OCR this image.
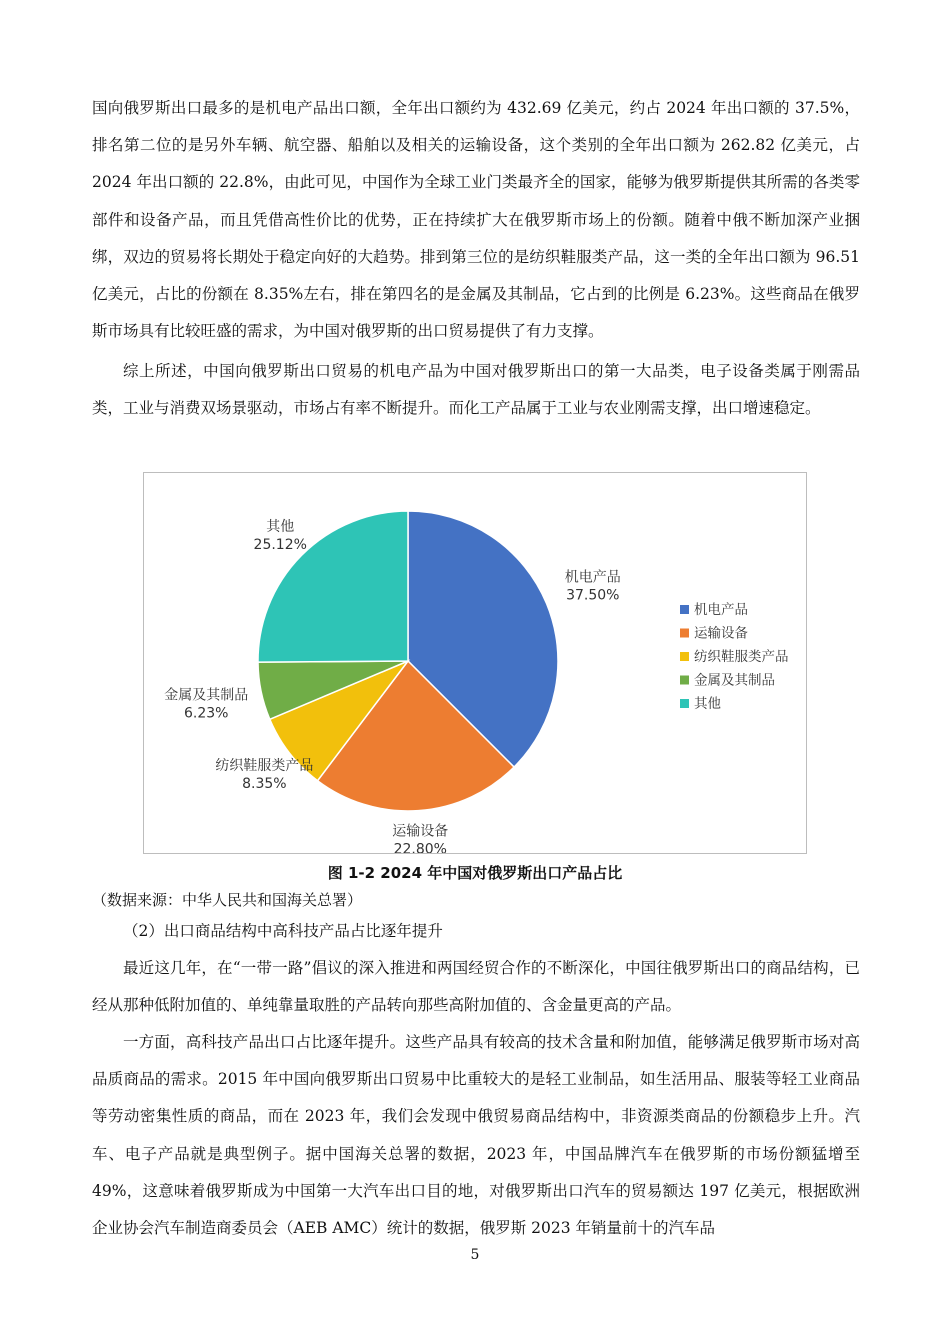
国向俄罗斯出口最多的是机电产品出口额，全年出口额约为 432.69 亿美元，约占 2024 年出口额的 37.5%，排名第二位的是另外车辆、航空器、船舶以及相关的运输设备，这个类别的全年出口额为 262.82 亿美元，占 2024 年出口额的 22.8%，由此可见，中国作为全球工业门类最齐全的国家，能够为俄罗斯提供其所需的各类零部件和设备产品，而且凭借高性价比的优势，正在持续扩大在俄罗斯市场上的份额。随着中俄不断加深产业捆绑，双边的贸易将长期处于稳定向好的大趋势。排到第三位的是纺织鞋服类产品，这一类的全年出口额为 96.51 亿美元，占比的份额在 8.35%左右，排在第四名的是金属及其制品，它占到的比例是 6.23%。这些商品在俄罗斯市场具有比较旺盛的需求，为中国对俄罗斯的出口贸易提供了有力支撑。

综上所述，中国向俄罗斯出口贸易的机电产品为中国对俄罗斯出口的第一大品类，电子设备类属于刚需品类，工业与消费双场景驱动，市场占有率不断提升。而化工产品属于工业与农业刚需支撑，出口增速稳定。

机电产品
37.50%
运输设备
22.80%
纺织鞋服类产品
8.35%
金属及其制品
6.23%
其他
25.12%
机电产品
运输设备
纺织鞋服类产品
金属及其制品
其他
图 1-2 2024 年中国对俄罗斯出口产品占比
（数据来源：中华人民共和国海关总署）
（2）出口商品结构中高科技产品占比逐年提升

最近这几年，在“一带一路”倡议的深入推进和两国经贸合作的不断深化，中国往俄罗斯出口的商品结构，已经从那种低附加值的、单纯靠量取胜的产品转向那些高附加值的、含金量更高的产品。

一方面，高科技产品出口占比逐年提升。这些产品具有较高的技术含量和附加值，能够满足俄罗斯市场对高品质商品的需求。2015 年中国向俄罗斯出口贸易中比重较大的是轻工业制品，如生活用品、服装等轻工业商品等劳动密集性质的商品，而在 2023 年，我们会发现中俄贸易商品结构中，非资源类商品的份额稳步上升。汽车、电子产品就是典型例子。据中国海关总署的数据，2023 年，中国品牌汽车在俄罗斯的市场份额猛增至 49%，这意味着俄罗斯成为中国第一大汽车出口目的地，对俄罗斯出口汽车的贸易额达 197 亿美元，根据欧洲企业协会汽车制造商委员会（AEB AMC）统计的数据，俄罗斯 2023 年销量前十的汽车品

5
